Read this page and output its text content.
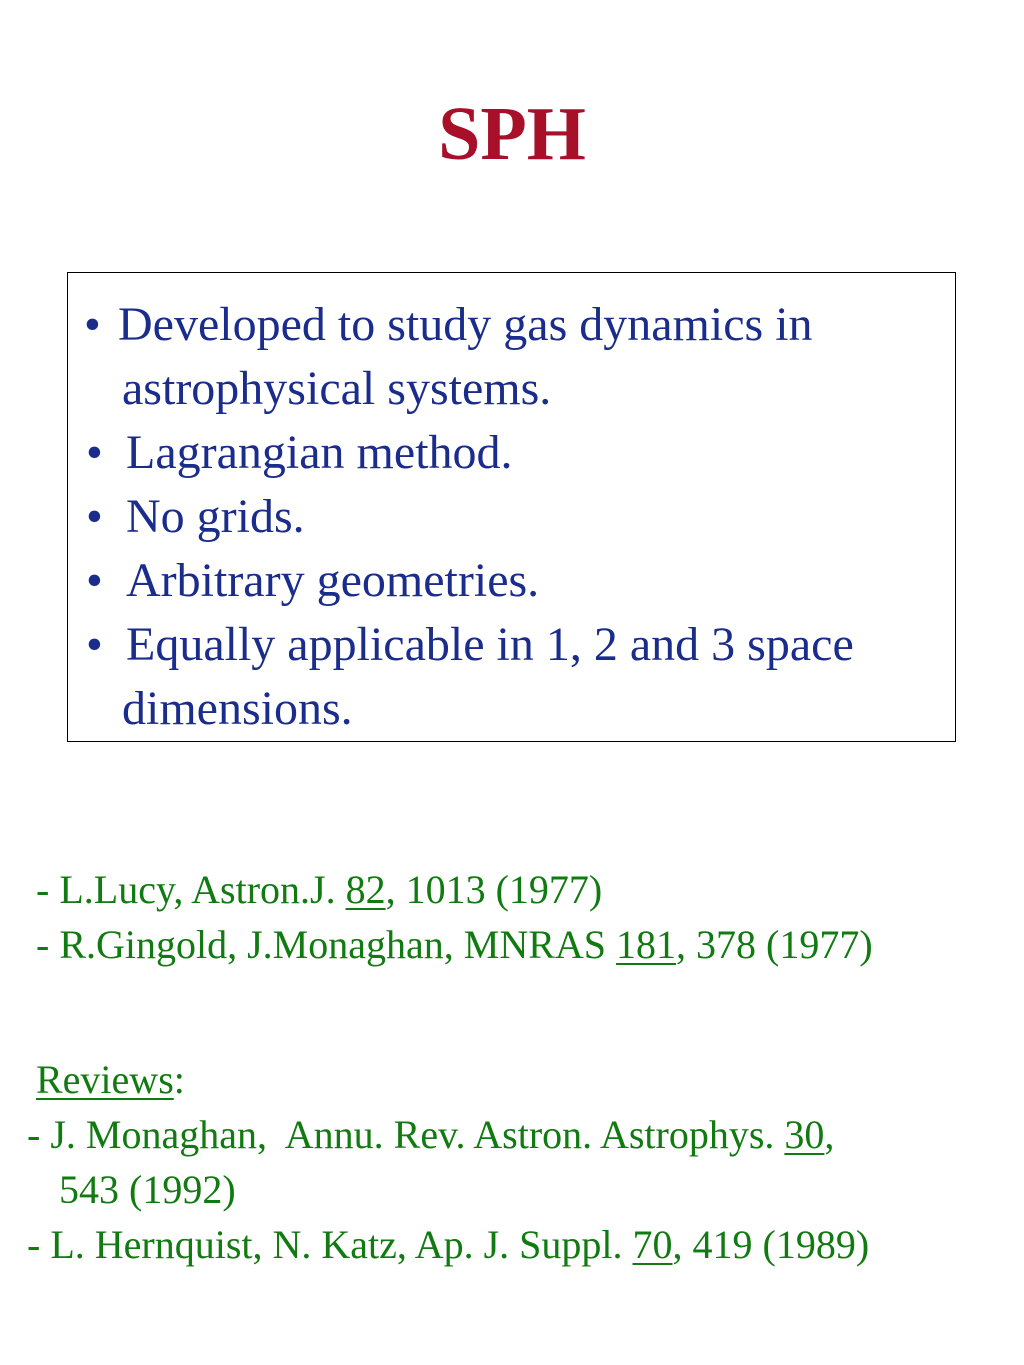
SPH
• Developed to study gas dynamics in
astrophysical systems.
• Lagrangian method.
• No grids.
• Arbitrary geometries.
• Equally applicable in 1, 2 and 3 space
dimensions.
- L.Lucy, Astron.J. 82, 1013 (1977)
- R.Gingold, J.Monaghan, MNRAS 181, 378 (1977)
Reviews:
- J. Monaghan,  Annu. Rev. Astron. Astrophys. 30,
543 (1992)
- L. Hernquist, N. Katz, Ap. J. Suppl. 70, 419 (1989)
